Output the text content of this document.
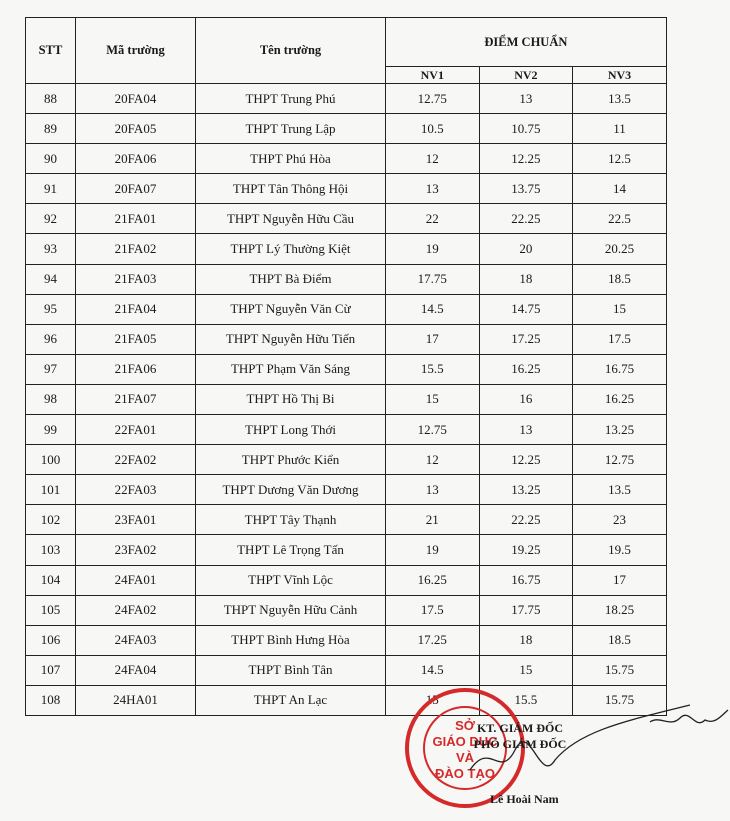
STT	Mã trường	Tên trường	ĐIỂM CHUẨN		
			NV1	NV2	NV3
88	20FA04	THPT Trung Phú	12.75	13	13.5
89	20FA05	THPT Trung Lập	10.5	10.75	11
90	20FA06	THPT Phú Hòa	12	12.25	12.5
91	20FA07	THPT Tân Thông Hội	13	13.75	14
92	21FA01	THPT Nguyễn Hữu Cầu	22	22.25	22.5
93	21FA02	THPT Lý Thường Kiệt	19	20	20.25
94	21FA03	THPT Bà Điểm	17.75	18	18.5
95	21FA04	THPT Nguyễn Văn Cừ	14.5	14.75	15
96	21FA05	THPT Nguyễn Hữu Tiến	17	17.25	17.5
97	21FA06	THPT Phạm Văn Sáng	15.5	16.25	16.75
98	21FA07	THPT Hồ Thị Bi	15	16	16.25
99	22FA01	THPT Long Thới	12.75	13	13.25
100	22FA02	THPT Phước Kiển	12	12.25	12.75
101	22FA03	THPT Dương Văn Dương	13	13.25	13.5
102	23FA01	THPT Tây Thạnh	21	22.25	23
103	23FA02	THPT Lê Trọng Tấn	19	19.25	19.5
104	24FA01	THPT Vĩnh Lộc	16.25	16.75	17
105	24FA02	THPT Nguyễn Hữu Cảnh	17.5	17.75	18.25
106	24FA03	THPT Bình Hưng Hòa	17.25	18	18.5
107	24FA04	THPT Bình Tân	14.5	15	15.75
108	24HA01	THPT An Lạc	15	15.5	15.75
SỞ
GIÁO DỤC
VÀ
ĐÀO TẠO
KT. GIÁM ĐỐC
PHÓ GIÁM ĐỐC
Lê Hoài Nam
